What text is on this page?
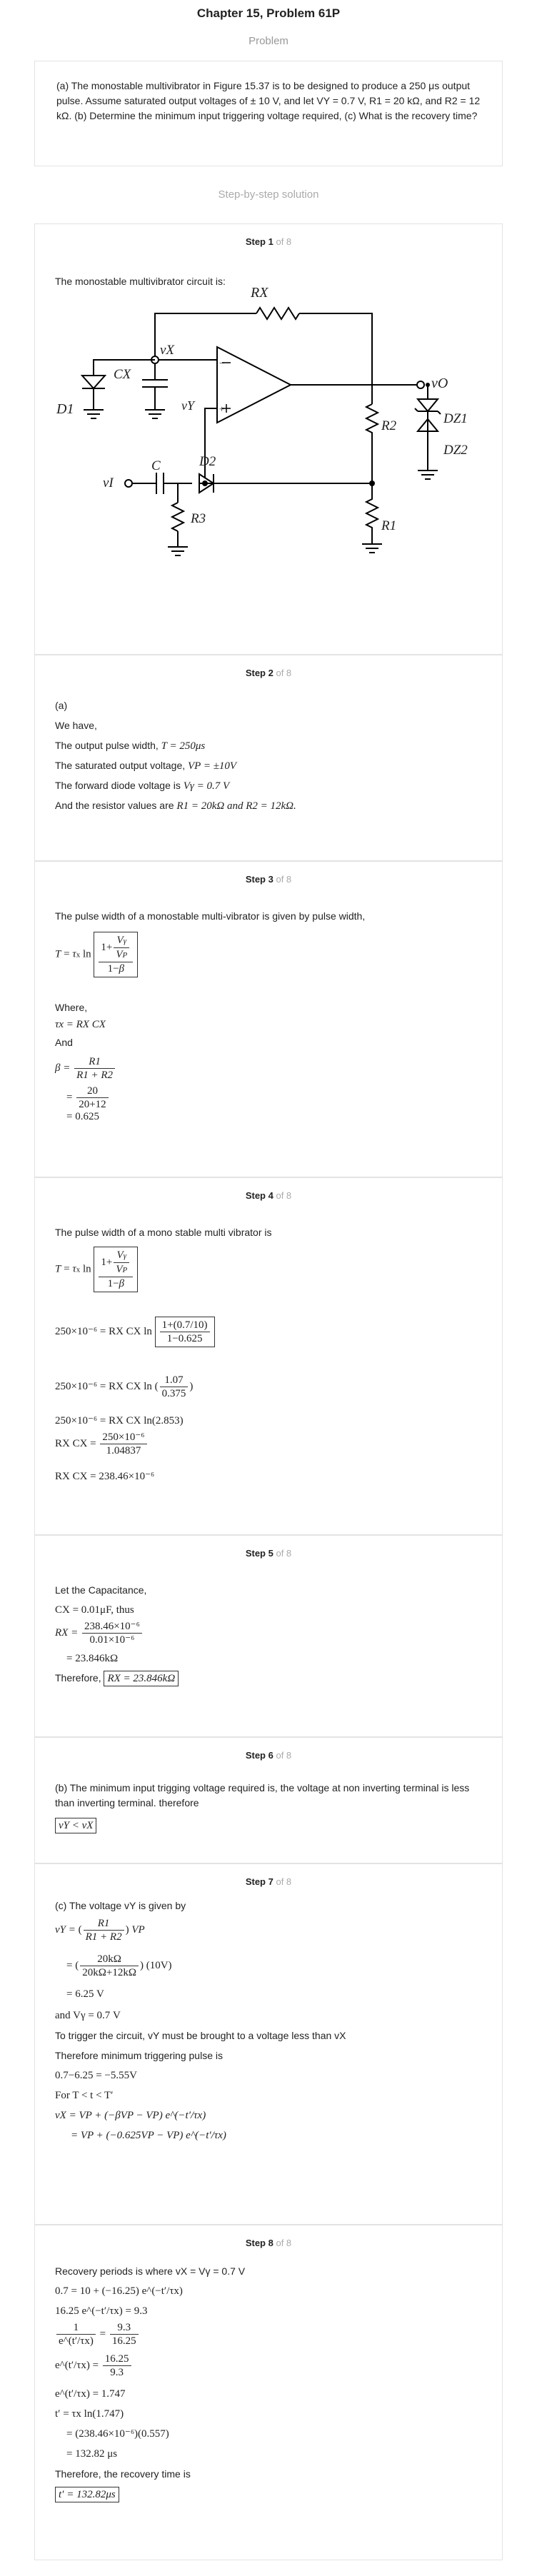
Chapter 15, Problem 61P
Problem
(a) The monostable multivibrator in Figure 15.37 is to be designed to produce a 250 μs output pulse. Assume saturated output voltages of ± 10 V, and let VY = 0.7 V, R1 = 20 kΩ, and R2 = 12 kΩ. (b) Determine the minimum input triggering voltage required, (c) What is the recovery time?
Step-by-step solution
Step 1 of 8
The monostable multivibrator circuit is:
RX
vX
CX
vY
vO
D1
D2
C
vI
R3
R2
R1
DZ1
DZ2
−
+
Step 2 of 8
(a)
We have,
The output pulse width, T = 250μs
The saturated output voltage, VP = ±10V
The forward diode voltage is Vγ = 0.7 V
And the resistor values are R1 = 20kΩ and R2 = 12kΩ.
Step 3 of 8
The pulse width of a monostable multi-vibrator is given by pulse width,
T = τx $\ln \frac{1+ \frac{V\gamma}{VP}}{1-\beta}$
Where,
τx = RX CX
And
$\beta = \frac{R1}{R1 + R2}$
= $\frac{20}{20+12}$
= 0.625
Step 4 of 8
The pulse width of a mono stable multi vibrator is
T = τx $\ln \frac{1+ \frac{V\gamma}{VP}}{1-\beta}$
250×10⁻⁶ = RX CX $\ln \frac{1+(0.7/10)}{1-0.625}$
250×10⁻⁶ = RX CX ln ( $\frac{1.07}{0.375}$ )
250×10⁻⁶ = RX CX ln(2.853)
RX CX = $\frac{\text{250×10⁻⁶}}{1.04837}$
RX CX = 238.46×10⁻⁶
Step 5 of 8
Let the Capacitance,
CX = 0.01μF, thus
RX = $\frac{\text{238.46×10⁻⁶}}{\text{0.01×10⁻⁶}}$
= 23.846kΩ
Therefore, RX = 23.846kΩ
Step 6 of 8
(b) The minimum input trigging voltage required is, the voltage at non inverting terminal is less than inverting terminal. therefore
vY < vX
Step 7 of 8
(c) The voltage vY is given by
vY = ( $\frac{R1}{R1 + R2}$ ) VP
= ( $\frac{20k\Omega}{20k\Omega+12k\Omega}$ ) (10V)
= 6.25 V
and Vγ = 0.7 V
To trigger the circuit, vY must be brought to a voltage less than vX
Therefore minimum triggering pulse is
0.7−6.25 = −5.55V
For T < t < T′
vX = VP + (−βVP − VP) e^(−t′/τx)
= VP + (−0.625VP − VP) e^(−t′/τx)
Step 8 of 8
Recovery periods is where vX = Vγ = 0.7 V
0.7 = 10 + (−16.25) e^(−t′/τx)
16.25 e^(−t′/τx) = 9.3
$\frac{1}{e\^{}(t'/\tau x)} = \frac{9.3}{16.25}$
e^(t′/τx) = $\frac{16.25}{9.3}$
e^(t′/τx) = 1.747
t′ = τx ln(1.747)
= (238.46×10⁻⁶)(0.557)
= 132.82 μs
Therefore, the recovery time is
t′ = 132.82μs
